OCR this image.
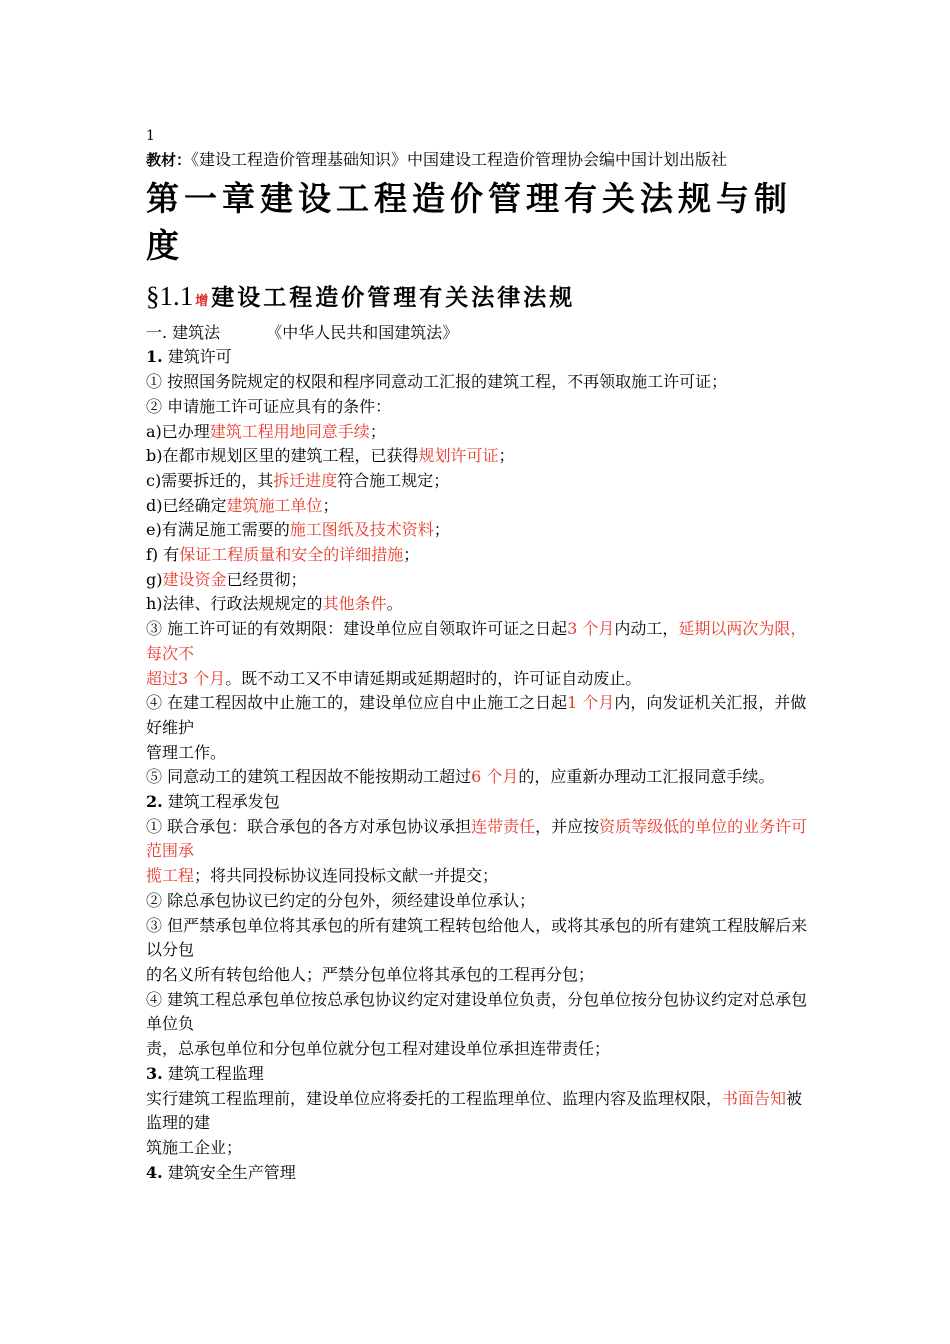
1
教材：《建设工程造价管理基础知识》中国建设工程造价管理协会编中国计划出版社
第一章建设工程造价管理有关法规与制度
§1.1 增 建设工程造价管理有关法律法规
一. 建筑法	《中华人民共和国建筑法》
1. 建筑许可
① 按照国务院规定的权限和程序同意动工汇报的建筑工程，不再领取施工许可证；
② 申请施工许可证应具有的条件：
a)已办理建筑工程用地同意手续；
b)在都市规划区里的建筑工程，已获得规划许可证；
c)需要拆迁的，其拆迁进度符合施工规定；
d)已经确定建筑施工单位；
e)有满足施工需要的施工图纸及技术资料；
f) 有保证工程质量和安全的详细措施；
g)建设资金已经贯彻；
h)法律、行政法规规定的其他条件。
③ 施工许可证的有效期限：建设单位应自领取许可证之日起3 个月内动工，延期以两次为限，每次不
超过3 个月。既不动工又不申请延期或延期超时的，许可证自动废止。
④ 在建工程因故中止施工的，建设单位应自中止施工之日起1 个月内，向发证机关汇报，并做好维护
管理工作。
⑤ 同意动工的建筑工程因故不能按期动工超过6 个月的，应重新办理动工汇报同意手续。
2. 建筑工程承发包
① 联合承包：联合承包的各方对承包协议承担连带责任，并应按资质等级低的单位的业务许可范围承
揽工程；将共同投标协议连同投标文献一并提交；
② 除总承包协议已约定的分包外，须经建设单位承认；
③ 但严禁承包单位将其承包的所有建筑工程转包给他人，或将其承包的所有建筑工程肢解后来以分包
的名义所有转包给他人；严禁分包单位将其承包的工程再分包；
④ 建筑工程总承包单位按总承包协议约定对建设单位负责，分包单位按分包协议约定对总承包单位负
责，总承包单位和分包单位就分包工程对建设单位承担连带责任；
3. 建筑工程监理
实行建筑工程监理前，建设单位应将委托的工程监理单位、监理内容及监理权限，书面告知被监理的建
筑施工企业；
4. 建筑安全生产管理
